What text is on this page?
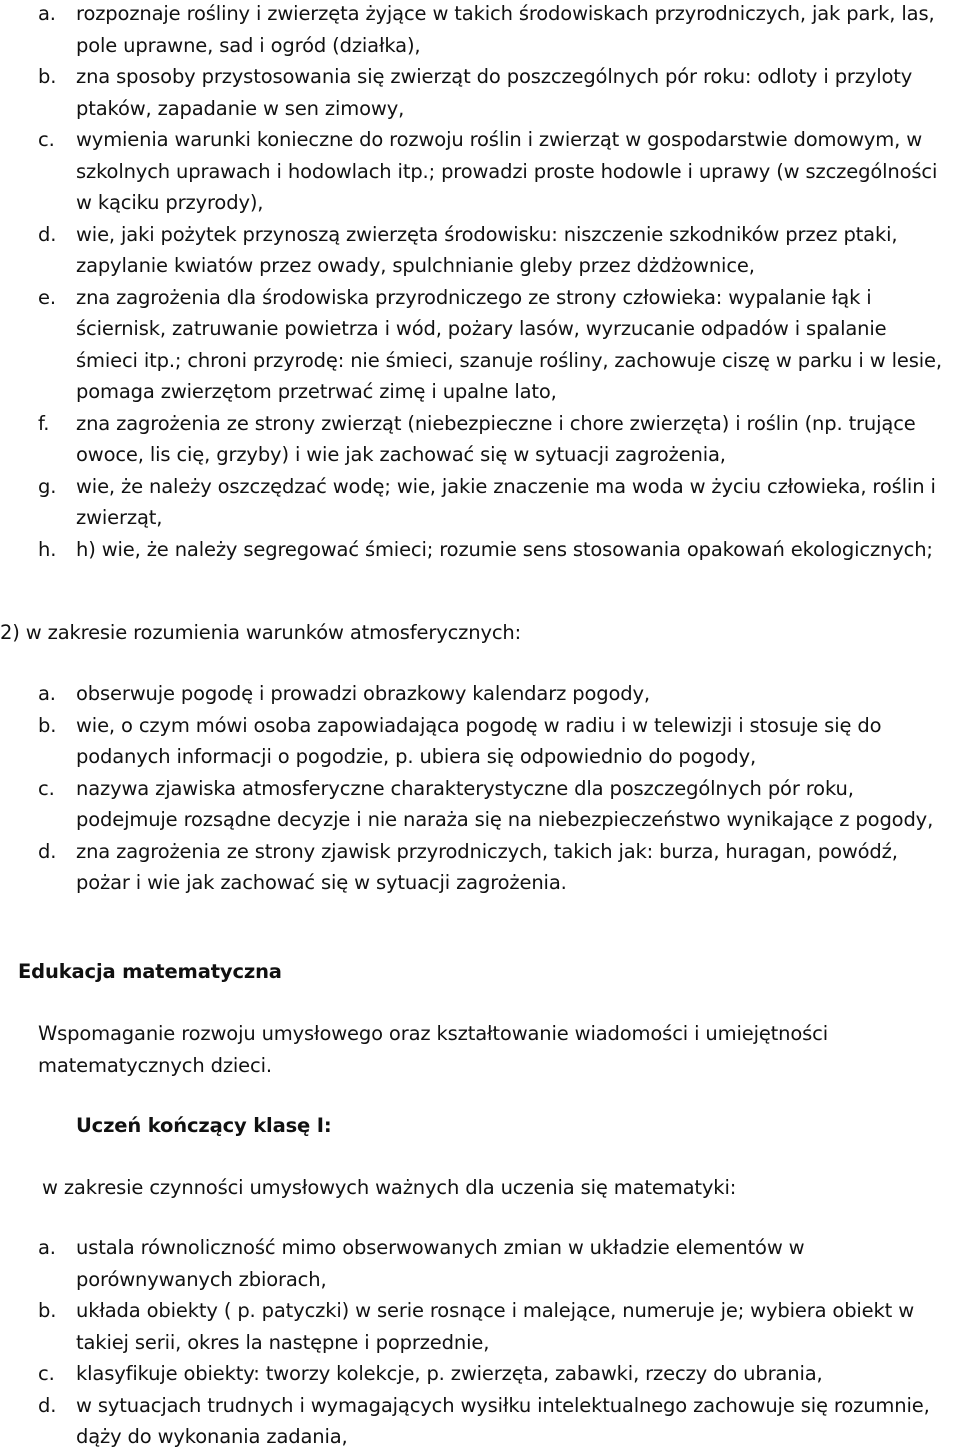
a. rozpoznaje rośliny i zwierzęta żyjące w takich środowiskach przyrodniczych, jak park, las, pole uprawne, sad i ogród (działka),
b. zna sposoby przystosowania się zwierząt do poszczególnych pór roku: odloty i przyloty ptaków, zapadanie w sen zimowy,
c. wymienia warunki konieczne do rozwoju roślin i zwierząt w gospodarstwie domowym, w szkolnych uprawach i hodowlach itp.; prowadzi proste hodowle i uprawy (w szczególności w kąciku przyrody),
d. wie, jaki pożytek przynoszą zwierzęta środowisku: niszczenie szkodników przez ptaki, zapylanie kwiatów przez owady, spulchnianie gleby przez dżdżownice,
e. zna zagrożenia dla środowiska przyrodniczego ze strony człowieka: wypalanie łąk i ściernisk, zatruwanie powietrza i wód, pożary lasów, wyrzucanie odpadów i spalanie śmieci itp.; chroni przyrodę: nie śmieci, szanuje rośliny, zachowuje ciszę w parku i w lesie, pomaga zwierzętom przetrwać zimę i upalne lato,
f. zna zagrożenia ze strony zwierząt (niebezpieczne i chore zwierzęta) i roślin (np. trujące owoce, lis cię, grzyby) i wie jak zachować się w sytuacji zagrożenia,
g. wie, że należy oszczędzać wodę; wie, jakie znaczenie ma woda w życiu człowieka, roślin i zwierząt,
h. h) wie, że należy segregować śmieci; rozumie sens stosowania opakowań ekologicznych;

2) w zakresie rozumienia warunków atmosferycznych:

a. obserwuje pogodę i prowadzi obrazkowy kalendarz pogody,
b. wie, o czym mówi osoba zapowiadająca pogodę w radiu i w telewizji i stosuje się do podanych informacji o pogodzie, p. ubiera się odpowiednio do pogody,
c. nazywa zjawiska atmosferyczne charakterystyczne dla poszczególnych pór roku, podejmuje rozsądne decyzje i nie naraża się na niebezpieczeństwo wynikające z pogody,
d. zna zagrożenia ze strony zjawisk przyrodniczych, takich jak: burza, huragan, powódź, pożar i wie jak zachować się w sytuacji zagrożenia.

Edukacja matematyczna

Wspomaganie rozwoju umysłowego oraz kształtowanie wiadomości i umiejętności matematycznych dzieci.

Uczeń kończący klasę I:

w zakresie czynności umysłowych ważnych dla uczenia się matematyki:

a. ustala równoliczność mimo obserwowanych zmian w układzie elementów w porównywanych zbiorach,
b. układa obiekty ( p. patyczki) w serie rosnące i malejące, numeruje je; wybiera obiekt w takiej serii, okres la następne i poprzednie,
c. klasyfikuje obiekty: tworzy kolekcje, p. zwierzęta, zabawki, rzeczy do ubrania,
d. w sytuacjach trudnych i wymagających wysiłku intelektualnego zachowuje się rozumnie, dąży do wykonania zadania,
